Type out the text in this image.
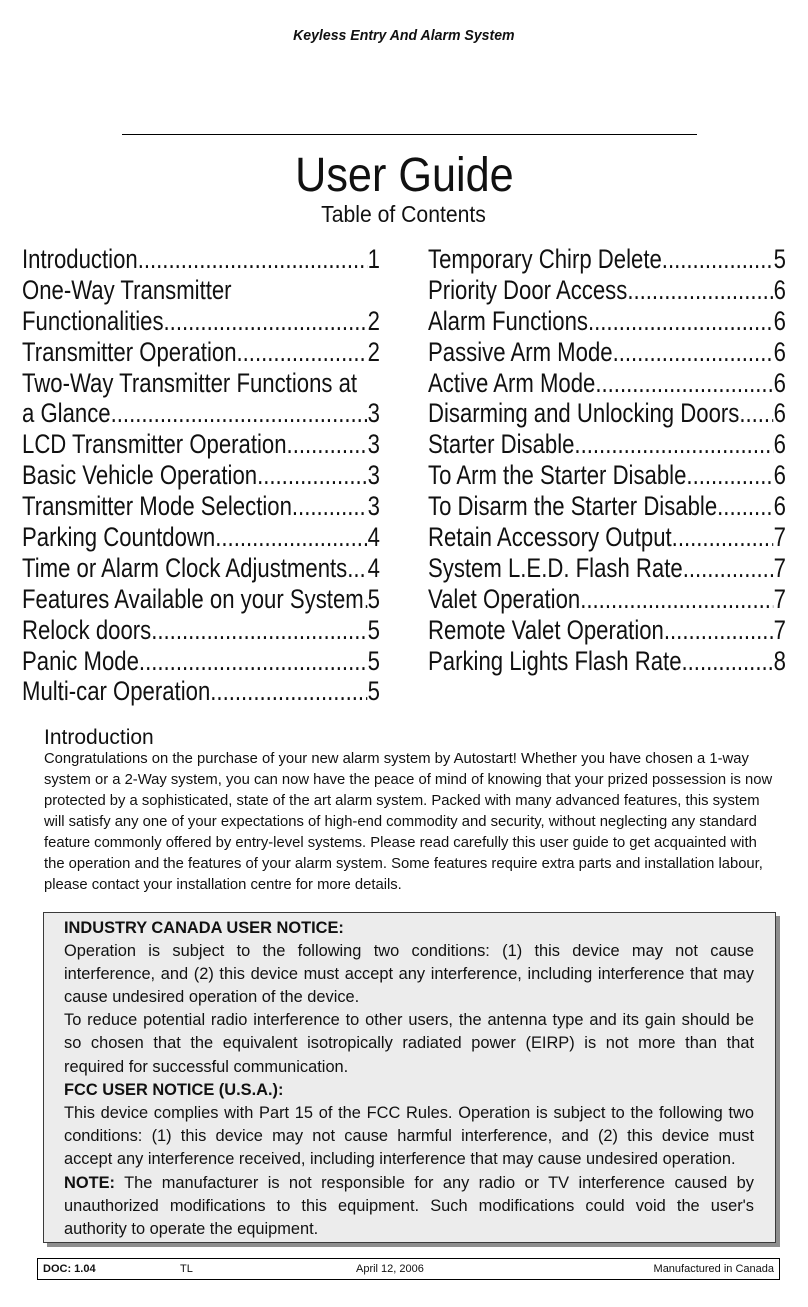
Keyless Entry And Alarm System
User Guide
Table of Contents
Introduction .....	1
One-Way Transmitter
Functionalities .....	2
Transmitter Operation .....	2
Two-Way Transmitter Functions at
a Glance .....	3
LCD Transmitter Operation .....	3
Basic Vehicle Operation .....	3
Transmitter Mode Selection .....	3
Parking Countdown .....	4
Time or Alarm Clock Adjustments ..... 4
Features Available on your System ..... 5
Relock doors .....	5
Panic Mode .....	5
Multi-car Operation .....	5
Temporary Chirp Delete .....	5
Priority Door Access .....	6
Alarm Functions .....	6
Passive Arm Mode .....	6
Active Arm Mode .....	6
Disarming and Unlocking Doors ..... 6
Starter Disable .....	6
To Arm the Starter Disable .....	6
To Disarm the Starter Disable ..... 6
Retain Accessory Output .....	7
System L.E.D. Flash Rate .....	7
Valet Operation .....	7
Remote Valet Operation .....	7
Parking Lights Flash Rate .....	8
Introduction
Congratulations on the purchase of your new alarm system by Autostart! Whether you have chosen a 1-way
system or a 2-Way system, you can now have the peace of mind of knowing that your prized possession is now
protected by a sophisticated, state of the art alarm system. Packed with many advanced features, this system
will satisfy any one of your expectations of high-end commodity and security, without neglecting any standard
feature commonly offered by entry-level systems. Please read carefully this user guide to get acquainted with
the operation and the features of your alarm system. Some features require extra parts and installation labour,
please contact your installation centre for more details.
INDUSTRY CANADA USER NOTICE:
Operation is subject to the following two conditions: (1) this device may not cause
interference, and (2) this device must accept any interference, including interference that may
cause undesired operation of the device.
To reduce potential radio interference to other users, the antenna type and its gain should be
so chosen that the equivalent isotropically radiated power (EIRP) is not more than that
required for successful communication.
FCC USER NOTICE (U.S.A.):
This device complies with Part 15 of the FCC Rules. Operation is subject to the following two
conditions: (1) this device may not cause harmful interference, and (2) this device must
accept any interference received, including interference that may cause undesired operation.
NOTE: The manufacturer is not responsible for any radio or TV interference caused by
unauthorized modifications to this equipment. Such modifications could void the user's
authority to operate the equipment.
DOC: 1.04	TL	April 12, 2006	Manufactured in Canada
